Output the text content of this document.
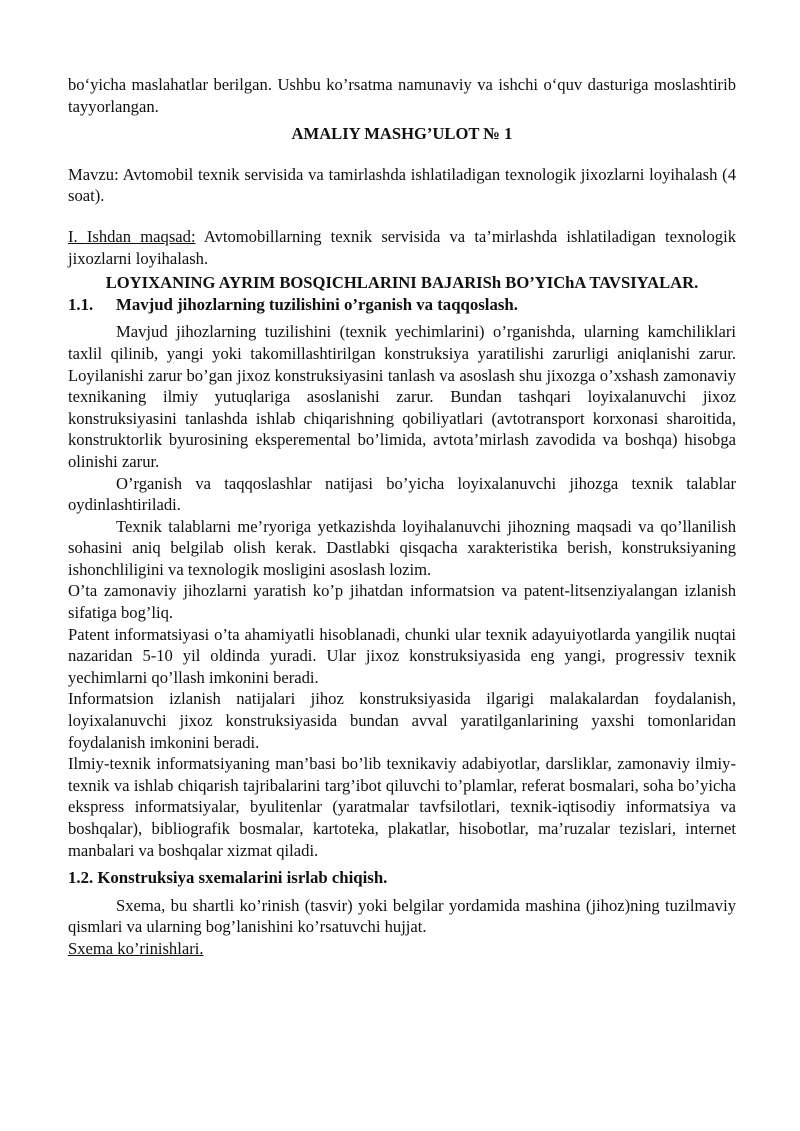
bo‘yicha maslahatlar berilgan. Ushbu ko’rsatma namunaviy va ishchi o‘quv dasturiga moslashtirib tayyorlangan.

AMALIY MASHG’ULOT № 1

Mavzu: Avtomobil texnik servisida va tamirlashda ishlatiladigan texnologik jixozlarni loyihalash (4 soat).

I. Ishdan maqsad: Avtomobillarning texnik servisida va ta’mirlashda ishlatiladigan texnologik jixozlarni loyihalash.

LOYIXANING AYRIM BOSQICHLARINI BAJARISh BO’YIChA TAVSIYALAR.

1.1. Mavjud jihozlarning tuzilishini o’rganish va taqqoslash.

Mavjud jihozlarning tuzilishini (texnik yechimlarini) o’rganishda, ularning kamchiliklari taxlil qilinib, yangi yoki takomillashtirilgan konstruksiya yaratilishi zarurligi aniqlanishi zarur. Loyilanishi zarur bo’gan jixoz konstruksiyasini tanlash va asoslash shu jixozga o’xshash zamonaviy texnikaning ilmiy yutuqlariga asoslanishi zarur. Bundan tashqari loyixalanuvchi jixoz konstruksiyasini tanlashda ishlab chiqarishning qobiliyatlari (avtotransport korxonasi sharoitida, konstruktorlik byurosining eksperemental bo’limida, avtota’mirlash zavodida va boshqa) hisobga olinishi zarur.

O’rganish va taqqoslashlar natijasi bo’yicha loyixalanuvchi jihozga texnik talablar oydinlashtiriladi.

Texnik talablarni me’ryoriga yetkazishda loyihalanuvchi jihozning maqsadi va qo’llanilish sohasini aniq belgilab olish kerak. Dastlabki qisqacha xarakteristika berish, konstruksiyaning ishonchliligini va texnologik mosligini asoslash lozim.

O’ta zamonaviy jihozlarni yaratish ko’p jihatdan informatsion va patent-litsenziyalangan izlanish sifatiga bog’liq.

Patent informatsiyasi o’ta ahamiyatli hisoblanadi, chunki ular texnik adayuiyotlarda yangilik nuqtai nazaridan 5-10 yil oldinda yuradi. Ular jixoz konstruksiyasida eng yangi, progressiv texnik yechimlarni qo’llash imkonini beradi.

Informatsion izlanish natijalari jihoz konstruksiyasida ilgarigi malakalardan foydalanish, loyixalanuvchi jixoz konstruksiyasida bundan avval yaratilganlarining yaxshi tomonlaridan foydalanish imkonini beradi.

Ilmiy-texnik informatsiyaning man’basi bo’lib texnikaviy adabiyotlar, darsliklar, zamonaviy ilmiy-texnik va ishlab chiqarish tajribalarini targ’ibot qiluvchi to’plamlar, referat bosmalari, soha bo’yicha ekspress informatsiyalar, byulitenlar (yaratmalar tavfsilotlari, texnik-iqtisodiy informatsiya va boshqalar), bibliografik bosmalar, kartoteka, plakatlar, hisobotlar, ma’ruzalar tezislari, internet manbalari va boshqalar xizmat qiladi.

1.2. Konstruksiya sxemalarini isrlab chiqish.

Sxema, bu shartli ko’rinish (tasvir) yoki belgilar yordamida mashina (jihoz)ning tuzilmaviy qismlari va ularning bog’lanishini ko’rsatuvchi hujjat.

Sxema ko’rinishlari.
